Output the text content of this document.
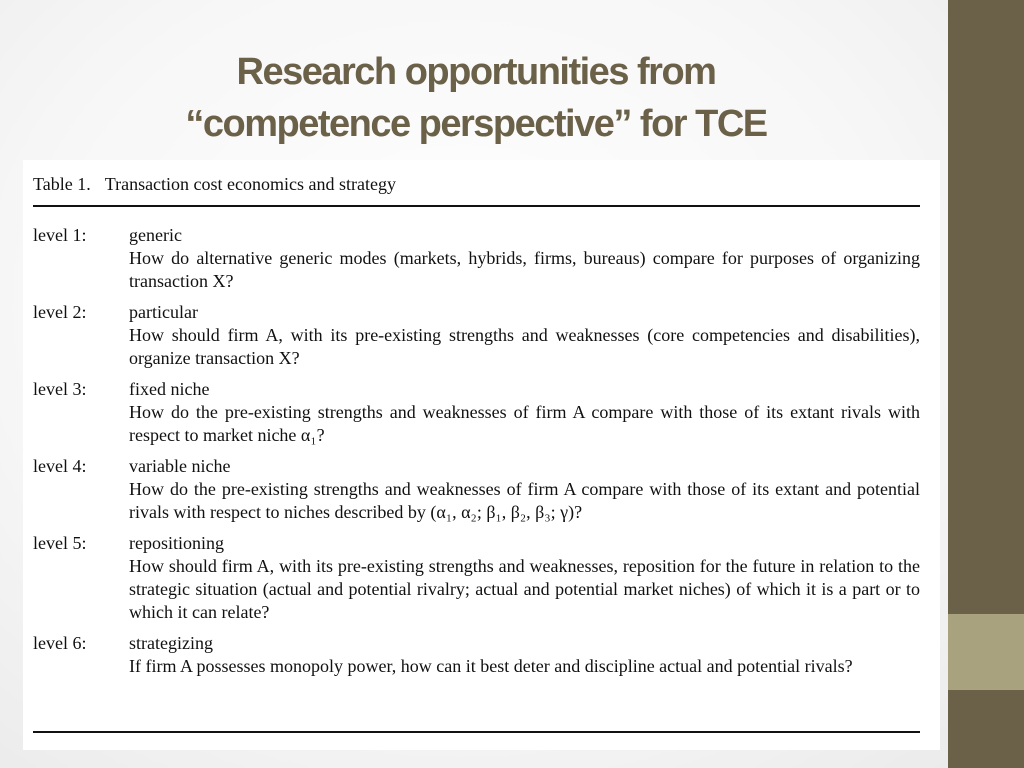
Research opportunities from
“competence perspective” for TCE
Table 1. Transaction cost economics and strategy
level 1:	generic
How do alternative generic modes (markets, hybrids, firms, bureaus) compare for purposes of organizing transaction X?
level 2:	particular
How should firm A, with its pre-existing strengths and weaknesses (core competencies and disabilities), organize transaction X?
level 3:	fixed niche
How do the pre-existing strengths and weaknesses of firm A compare with those of its extant rivals with respect to market niche α₁?
level 4:	variable niche
How do the pre-existing strengths and weaknesses of firm A compare with those of its extant and potential rivals with respect to niches described by (α₁, α₂; β₁, β₂, β₃; γ)?
level 5:	repositioning
How should firm A, with its pre-existing strengths and weaknesses, reposition for the future in relation to the strategic situation (actual and potential rivalry; actual and potential market niches) of which it is a part or to which it can relate?
level 6:	strategizing
If firm A possesses monopoly power, how can it best deter and discipline actual and potential rivals?
